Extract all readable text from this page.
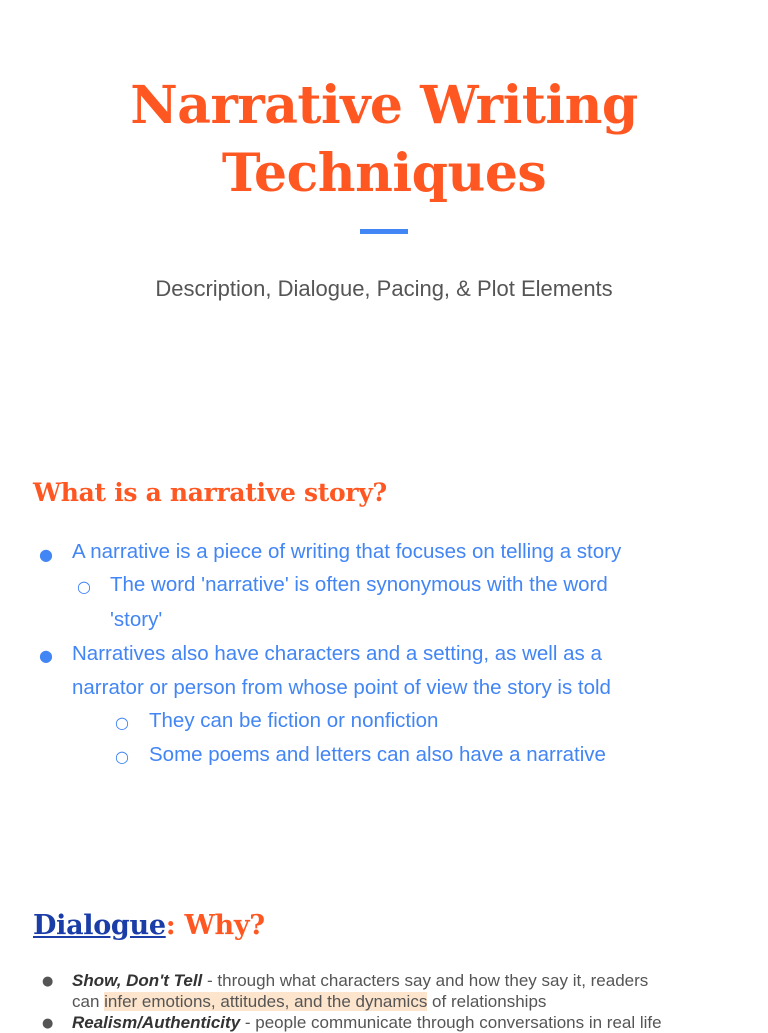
Narrative Writing
Techniques

Description, Dialogue, Pacing, & Plot Elements

What is a narrative story?
● A narrative is a piece of writing that focuses on telling a story
○ The word 'narrative' is often synonymous with the word
'story'
● Narratives also have characters and a setting, as well as a
narrator or person from whose point of view the story is told
○ They can be fiction or nonfiction
○ Some poems and letters can also have a narrative
Dialogue: Why?
● Show, Don't Tell - through what characters say and how they say it, readers
can infer emotions, attitudes, and the dynamics of relationships
● Realism/Authenticity - people communicate through conversations in real life
